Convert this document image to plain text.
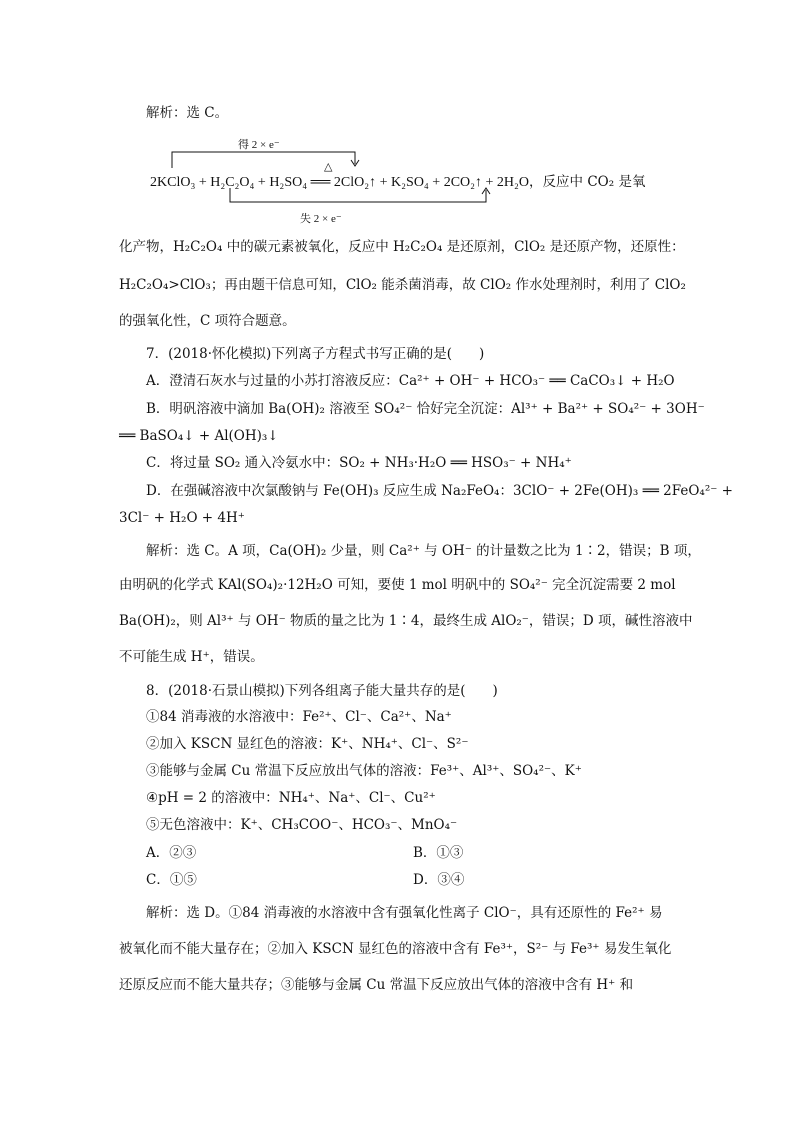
解析：选 C。
得 2 × e⁻
2KClO₃ + H₂C₂O₄ + H₂SO₄ ══ 2ClO₂↑ + K₂SO₄ + 2CO₂↑ + 2H₂O，反应中 CO₂ 是氧
△
失 2 × e⁻
化产物，H₂C₂O₄ 中的碳元素被氧化，反应中 H₂C₂O₄ 是还原剂，ClO₂ 是还原产物，还原性：
H₂C₂O₄>ClO₃；再由题干信息可知，ClO₂ 能杀菌消毒，故 ClO₂ 作水处理剂时，利用了 ClO₂
的强氧化性，C 项符合题意。
7．(2018·怀化模拟)下列离子方程式书写正确的是(　　)
A．澄清石灰水与过量的小苏打溶液反应：Ca²⁺ + OH⁻ + HCO₃⁻ ══ CaCO₃↓ + H₂O
B．明矾溶液中滴加 Ba(OH)₂ 溶液至 SO₄²⁻ 恰好完全沉淀：Al³⁺ + Ba²⁺ + SO₄²⁻ + 3OH⁻
══ BaSO₄↓ + Al(OH)₃↓
C．将过量 SO₂ 通入冷氨水中：SO₂ + NH₃·H₂O ══ HSO₃⁻ + NH₄⁺
D．在强碱溶液中次氯酸钠与 Fe(OH)₃ 反应生成 Na₂FeO₄：3ClO⁻ + 2Fe(OH)₃ ══ 2FeO₄²⁻ +
3Cl⁻ + H₂O + 4H⁺
解析：选 C。A 项，Ca(OH)₂ 少量，则 Ca²⁺ 与 OH⁻ 的计量数之比为 1∶2，错误；B 项，
由明矾的化学式 KAl(SO₄)₂·12H₂O 可知，要使 1 mol 明矾中的 SO₄²⁻ 完全沉淀需要 2 mol
Ba(OH)₂，则 Al³⁺ 与 OH⁻ 物质的量之比为 1∶4，最终生成 AlO₂⁻，错误；D 项，碱性溶液中
不可能生成 H⁺，错误。
8．(2018·石景山模拟)下列各组离子能大量共存的是(　　)
①84 消毒液的水溶液中：Fe²⁺、Cl⁻、Ca²⁺、Na⁺
②加入 KSCN 显红色的溶液：K⁺、NH₄⁺、Cl⁻、S²⁻
③能够与金属 Cu 常温下反应放出气体的溶液：Fe³⁺、Al³⁺、SO₄²⁻、K⁺
④pH = 2 的溶液中：NH₄⁺、Na⁺、Cl⁻、Cu²⁺
⑤无色溶液中：K⁺、CH₃COO⁻、HCO₃⁻、MnO₄⁻
A．②③	B．①③
C．①⑤	D．③④
解析：选 D。①84 消毒液的水溶液中含有强氧化性离子 ClO⁻，具有还原性的 Fe²⁺ 易
被氧化而不能大量存在；②加入 KSCN 显红色的溶液中含有 Fe³⁺，S²⁻ 与 Fe³⁺ 易发生氧化
还原反应而不能大量共存；③能够与金属 Cu 常温下反应放出气体的溶液中含有 H⁺ 和
